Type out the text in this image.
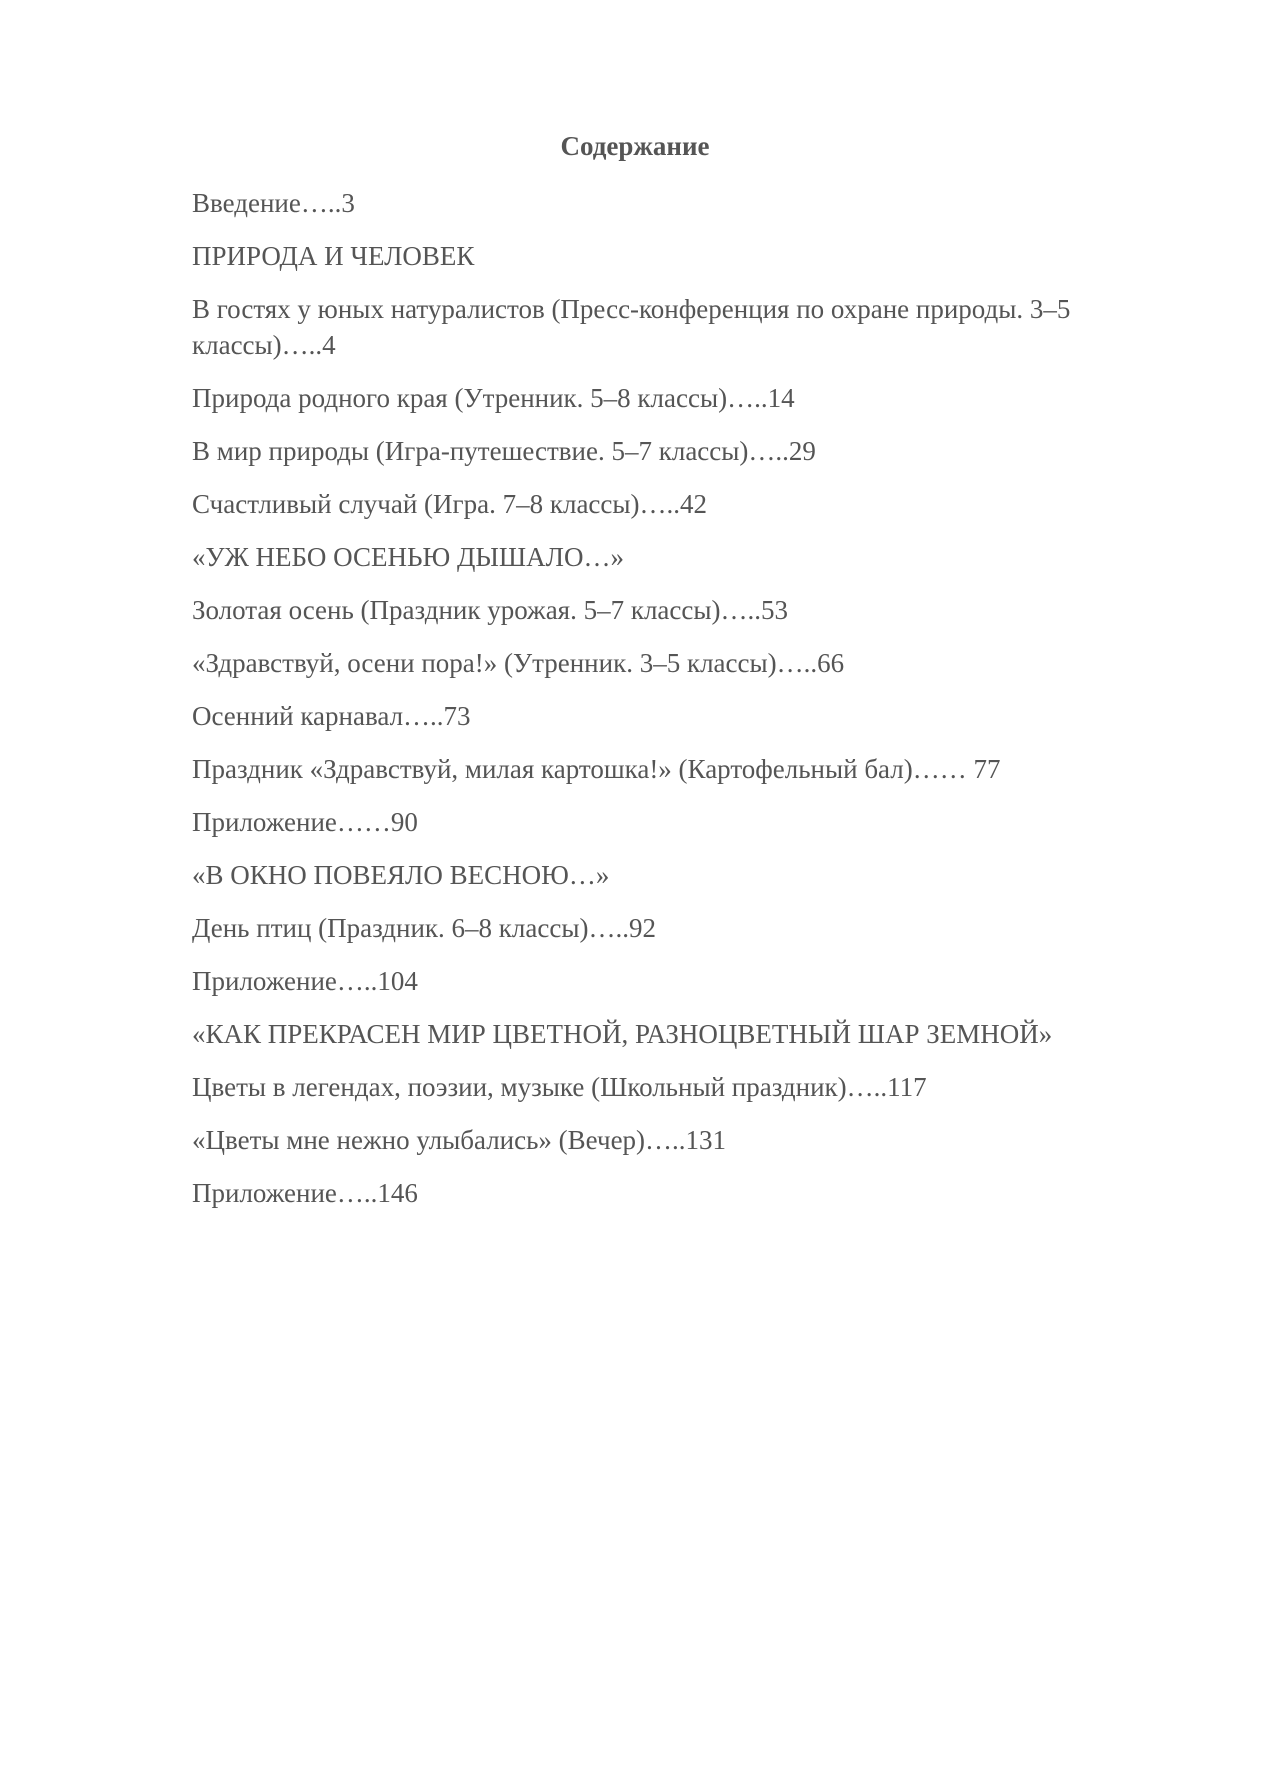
Содержание
Введение…..3
ПРИРОДА И ЧЕЛОВЕК
В гостях у юных натуралистов (Пресс-конференция по охране природы. 3–5 классы)…..4
Природа родного края (Утренник. 5–8 классы)…..14
В мир природы (Игра-путешествие. 5–7 классы)…..29
Счастливый случай (Игра. 7–8 классы)…..42
«УЖ НЕБО ОСЕНЬЮ ДЫШАЛО…»
Золотая осень (Праздник урожая. 5–7 классы)…..53
«Здравствуй, осени пора!» (Утренник. 3–5 классы)…..66
Осенний карнавал…..73
Праздник «Здравствуй, милая картошка!» (Картофельный бал)…… 77
Приложение……90
«В ОКНО ПОВЕЯЛО ВЕСНОЮ…»
День птиц (Праздник. 6–8 классы)…..92
Приложение…..104
«КАК ПРЕКРАСЕН МИР ЦВЕТНОЙ, РАЗНОЦВЕТНЫЙ ШАР ЗЕМНОЙ»
Цветы в легендах, поэзии, музыке (Школьный праздник)…..117
«Цветы мне нежно улыбались» (Вечер)…..131
Приложение…..146
